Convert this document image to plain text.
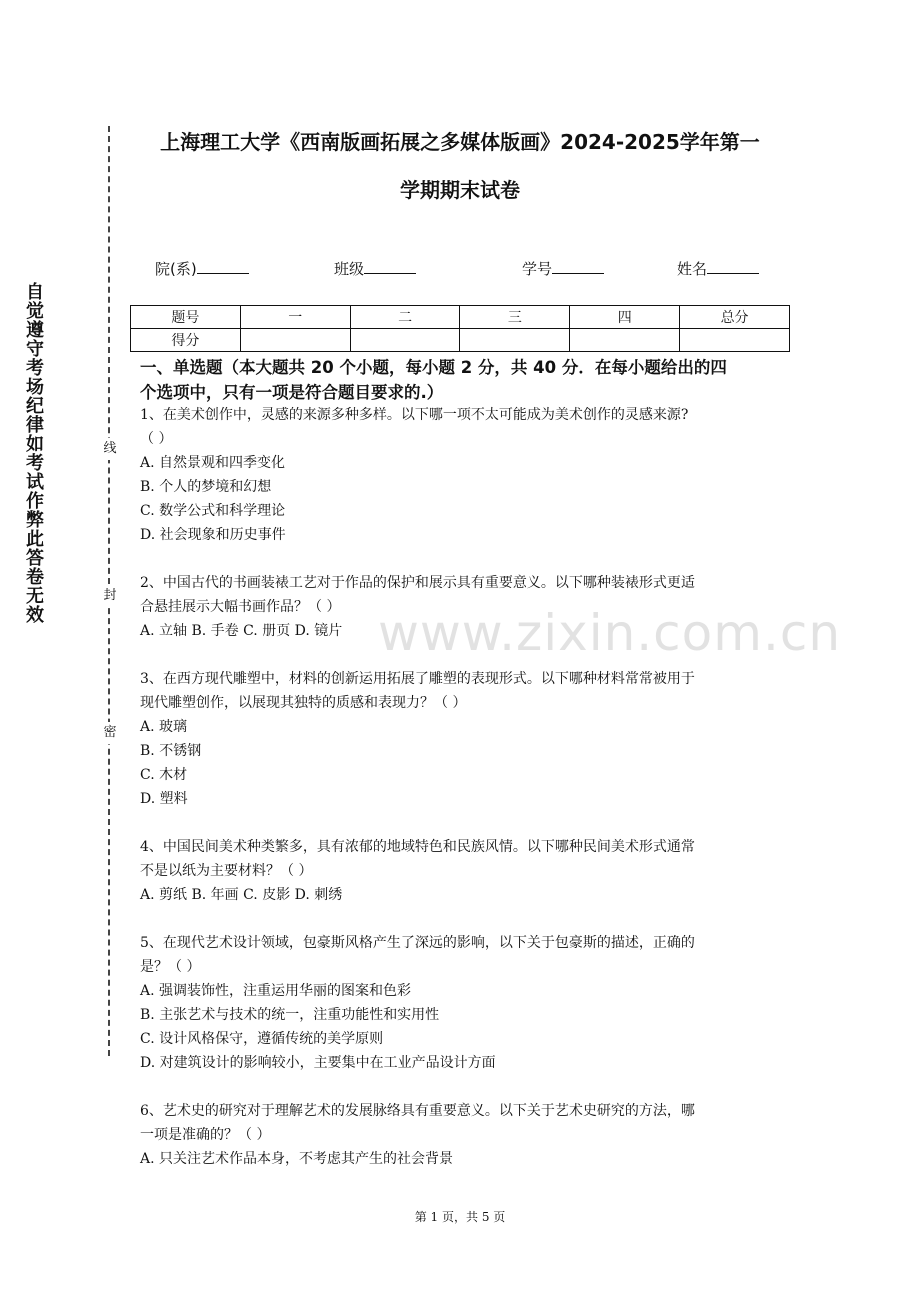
自觉遵守考场纪律如考试作弊此答卷无效	线
封
密
上海理工大学《西南版画拓展之多媒体版画》2024-2025学年第一
学期期末试卷
院(系)	班级	学号	姓名
题号	一	二	三	四	总分
得分					
一、单选题（本大题共 20 个小题，每小题 2 分，共 40 分．在每小题给出的四
个选项中，只有一项是符合题目要求的.）
www.zixin.com.cn

1、在美术创作中，灵感的来源多种多样。以下哪一项不太可能成为美术创作的灵感来源?

（ ）

A. 自然景观和四季变化

B. 个人的梦境和幻想

C. 数学公式和科学理论

D. 社会现象和历史事件

2、中国古代的书画装裱工艺对于作品的保护和展示具有重要意义。以下哪种装裱形式更适

合悬挂展示大幅书画作品？（ ）

A. 立轴 B. 手卷 C. 册页 D. 镜片

3、在西方现代雕塑中，材料的创新运用拓展了雕塑的表现形式。以下哪种材料常常被用于

现代雕塑创作，以展现其独特的质感和表现力？（ ）

A. 玻璃

B. 不锈钢

C. 木材

D. 塑料

4、中国民间美术种类繁多，具有浓郁的地域特色和民族风情。以下哪种民间美术形式通常

不是以纸为主要材料？（ ）

A. 剪纸 B. 年画 C. 皮影 D. 刺绣

5、在现代艺术设计领域，包豪斯风格产生了深远的影响，以下关于包豪斯的描述，正确的

是？（ ）

A. 强调装饰性，注重运用华丽的图案和色彩

B. 主张艺术与技术的统一，注重功能性和实用性

C. 设计风格保守，遵循传统的美学原则

D. 对建筑设计的影响较小，主要集中在工业产品设计方面

6、艺术史的研究对于理解艺术的发展脉络具有重要意义。以下关于艺术史研究的方法，哪

一项是准确的？（ ）

A. 只关注艺术作品本身，不考虑其产生的社会背景

第 1 页，共 5 页
